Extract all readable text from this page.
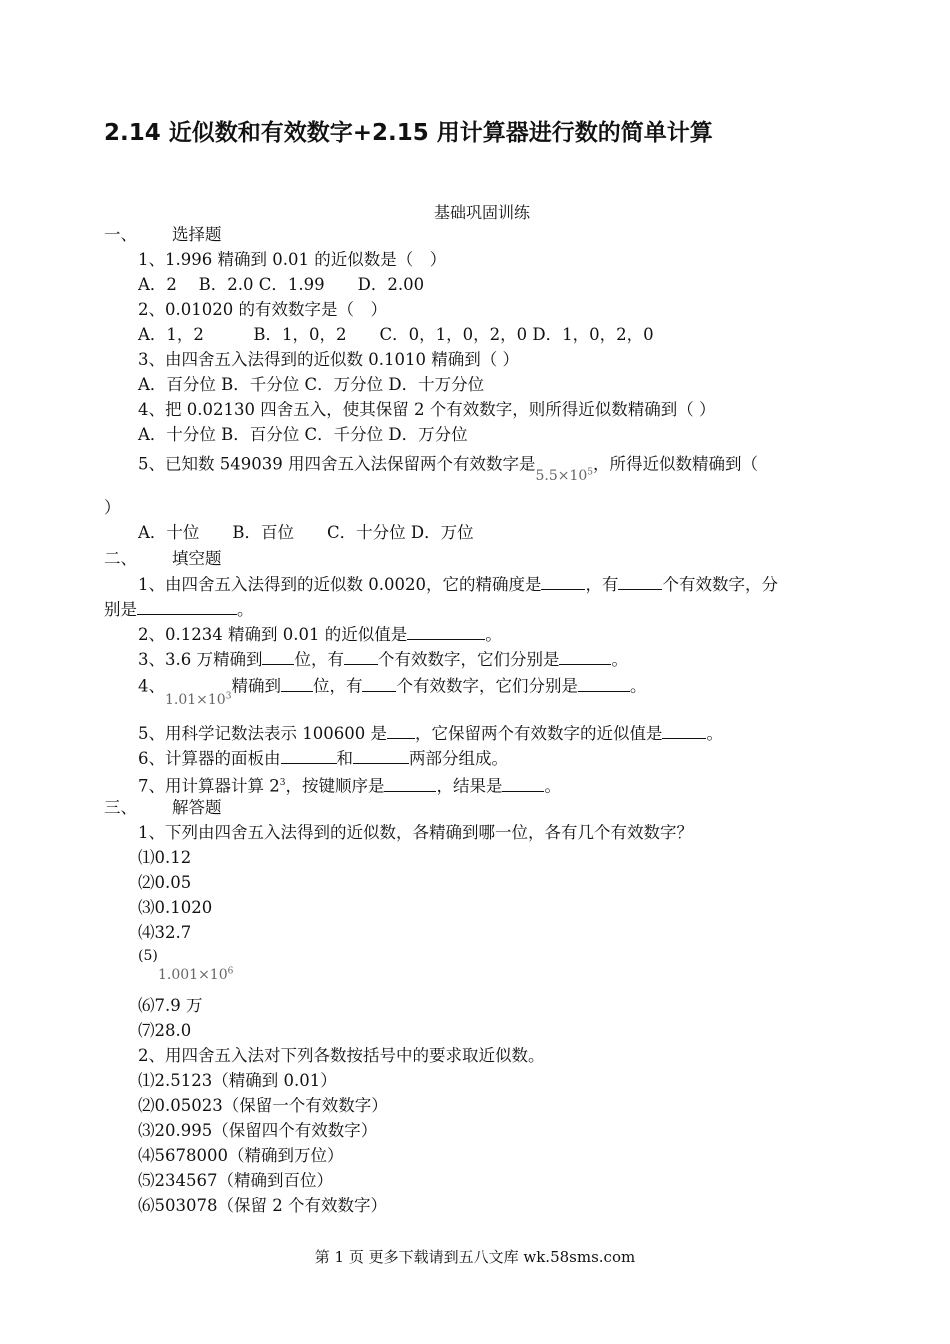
2.14 近似数和有效数字+2.15 用计算器进行数的简单计算
基础巩固训练
一、 选择题
1、1.996 精确到 0.01 的近似数是（　）
A．2　 B．2.0 C．1.99　　D．2.00
2、0.01020 的有效数字是（　）
A．1，2　　　B．1，0，2　　C．0，1，0，2，0 D．1，0，2，0
3、由四舍五入法得到的近似数 0.1010 精确到（ ）
A．百分位 B．千分位 C．万分位 D．十万分位
4、把 0.02130 四舍五入，使其保留 2 个有效数字，则所得近似数精确到（ ）
A．十分位 B．百分位 C．千分位 D．万分位
5、已知数 549039 用四舍五入法保留两个有效数字是$_{5.5\times 10^5}$，所得近似数精确到（
）
A．十位　　B．百位　　C．十分位 D．万位
二、 填空题
1、由四舍五入法得到的近似数 0.0020，它的精确度是	，有	个有效数字，分
别是	。
2、0.1234 精确到 0.01 的近似值是	。
3、3.6 万精确到 位，有 个有效数字，它们分别是	。
4、$_{1.01\times 10^3}$精确到 位，有 个有效数字，它们分别是	。
5、用科学记数法表示 100600 是 ，它保留两个有效数字的近似值是	。
6、计算器的面板由	和	两部分组成。
7、用计算器计算 $2^3$，按键顺序是	，结果是	。
三、 解答题
1、下列由四舍五入法得到的近似数，各精确到哪一位，各有几个有效数字？
⑴0.12
⑵0.05
⑶0.1020
⑷32.7
(5)
$1.001\times 10^6$
⑹7.9 万
⑺28.0
2、用四舍五入法对下列各数按括号中的要求取近似数。
⑴2.5123（精确到 0.01）
⑵0.05023（保留一个有效数字）
⑶20.995（保留四个有效数字）
⑷5678000（精确到万位）
⑸234567（精确到百位）
⑹503078（保留 2 个有效数字）
第 1 页 更多下载请到五八文库 wk.58sms.com
